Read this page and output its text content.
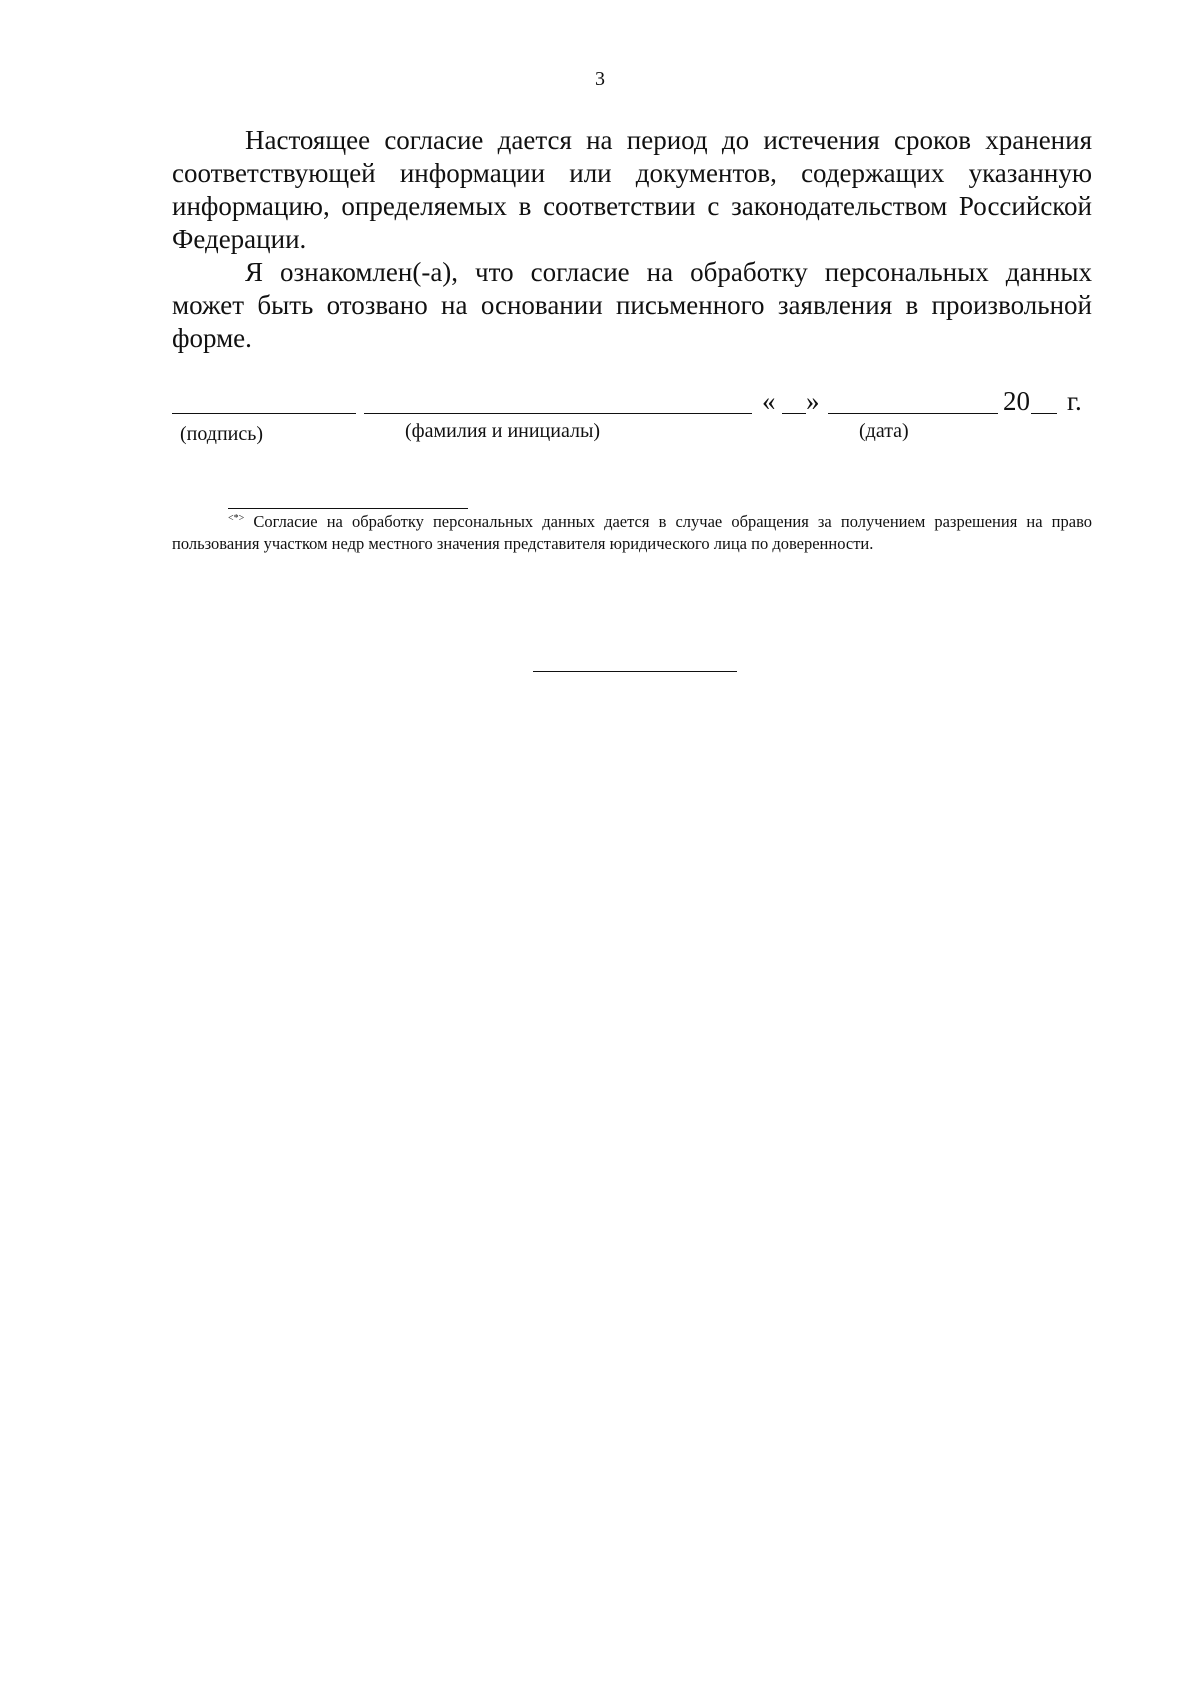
3

Настоящее согласие дается на период до истечения сроков хранения соответствующей информации или документов, содержащих указанную информацию, определяемых в соответствии с законодательством Российской Федерации.

Я ознакомлен(-а), что согласие на обработку персональных данных может быть отозвано на основании письменного заявления в произвольной форме.

« »	20 г.
(подпись)	(фамилия и инициалы)	(дата)
<*> Согласие на обработку персональных данных дается в случае обращения за получением разрешения на право пользования участком недр местного значения представителя юридического лица по доверенности.
